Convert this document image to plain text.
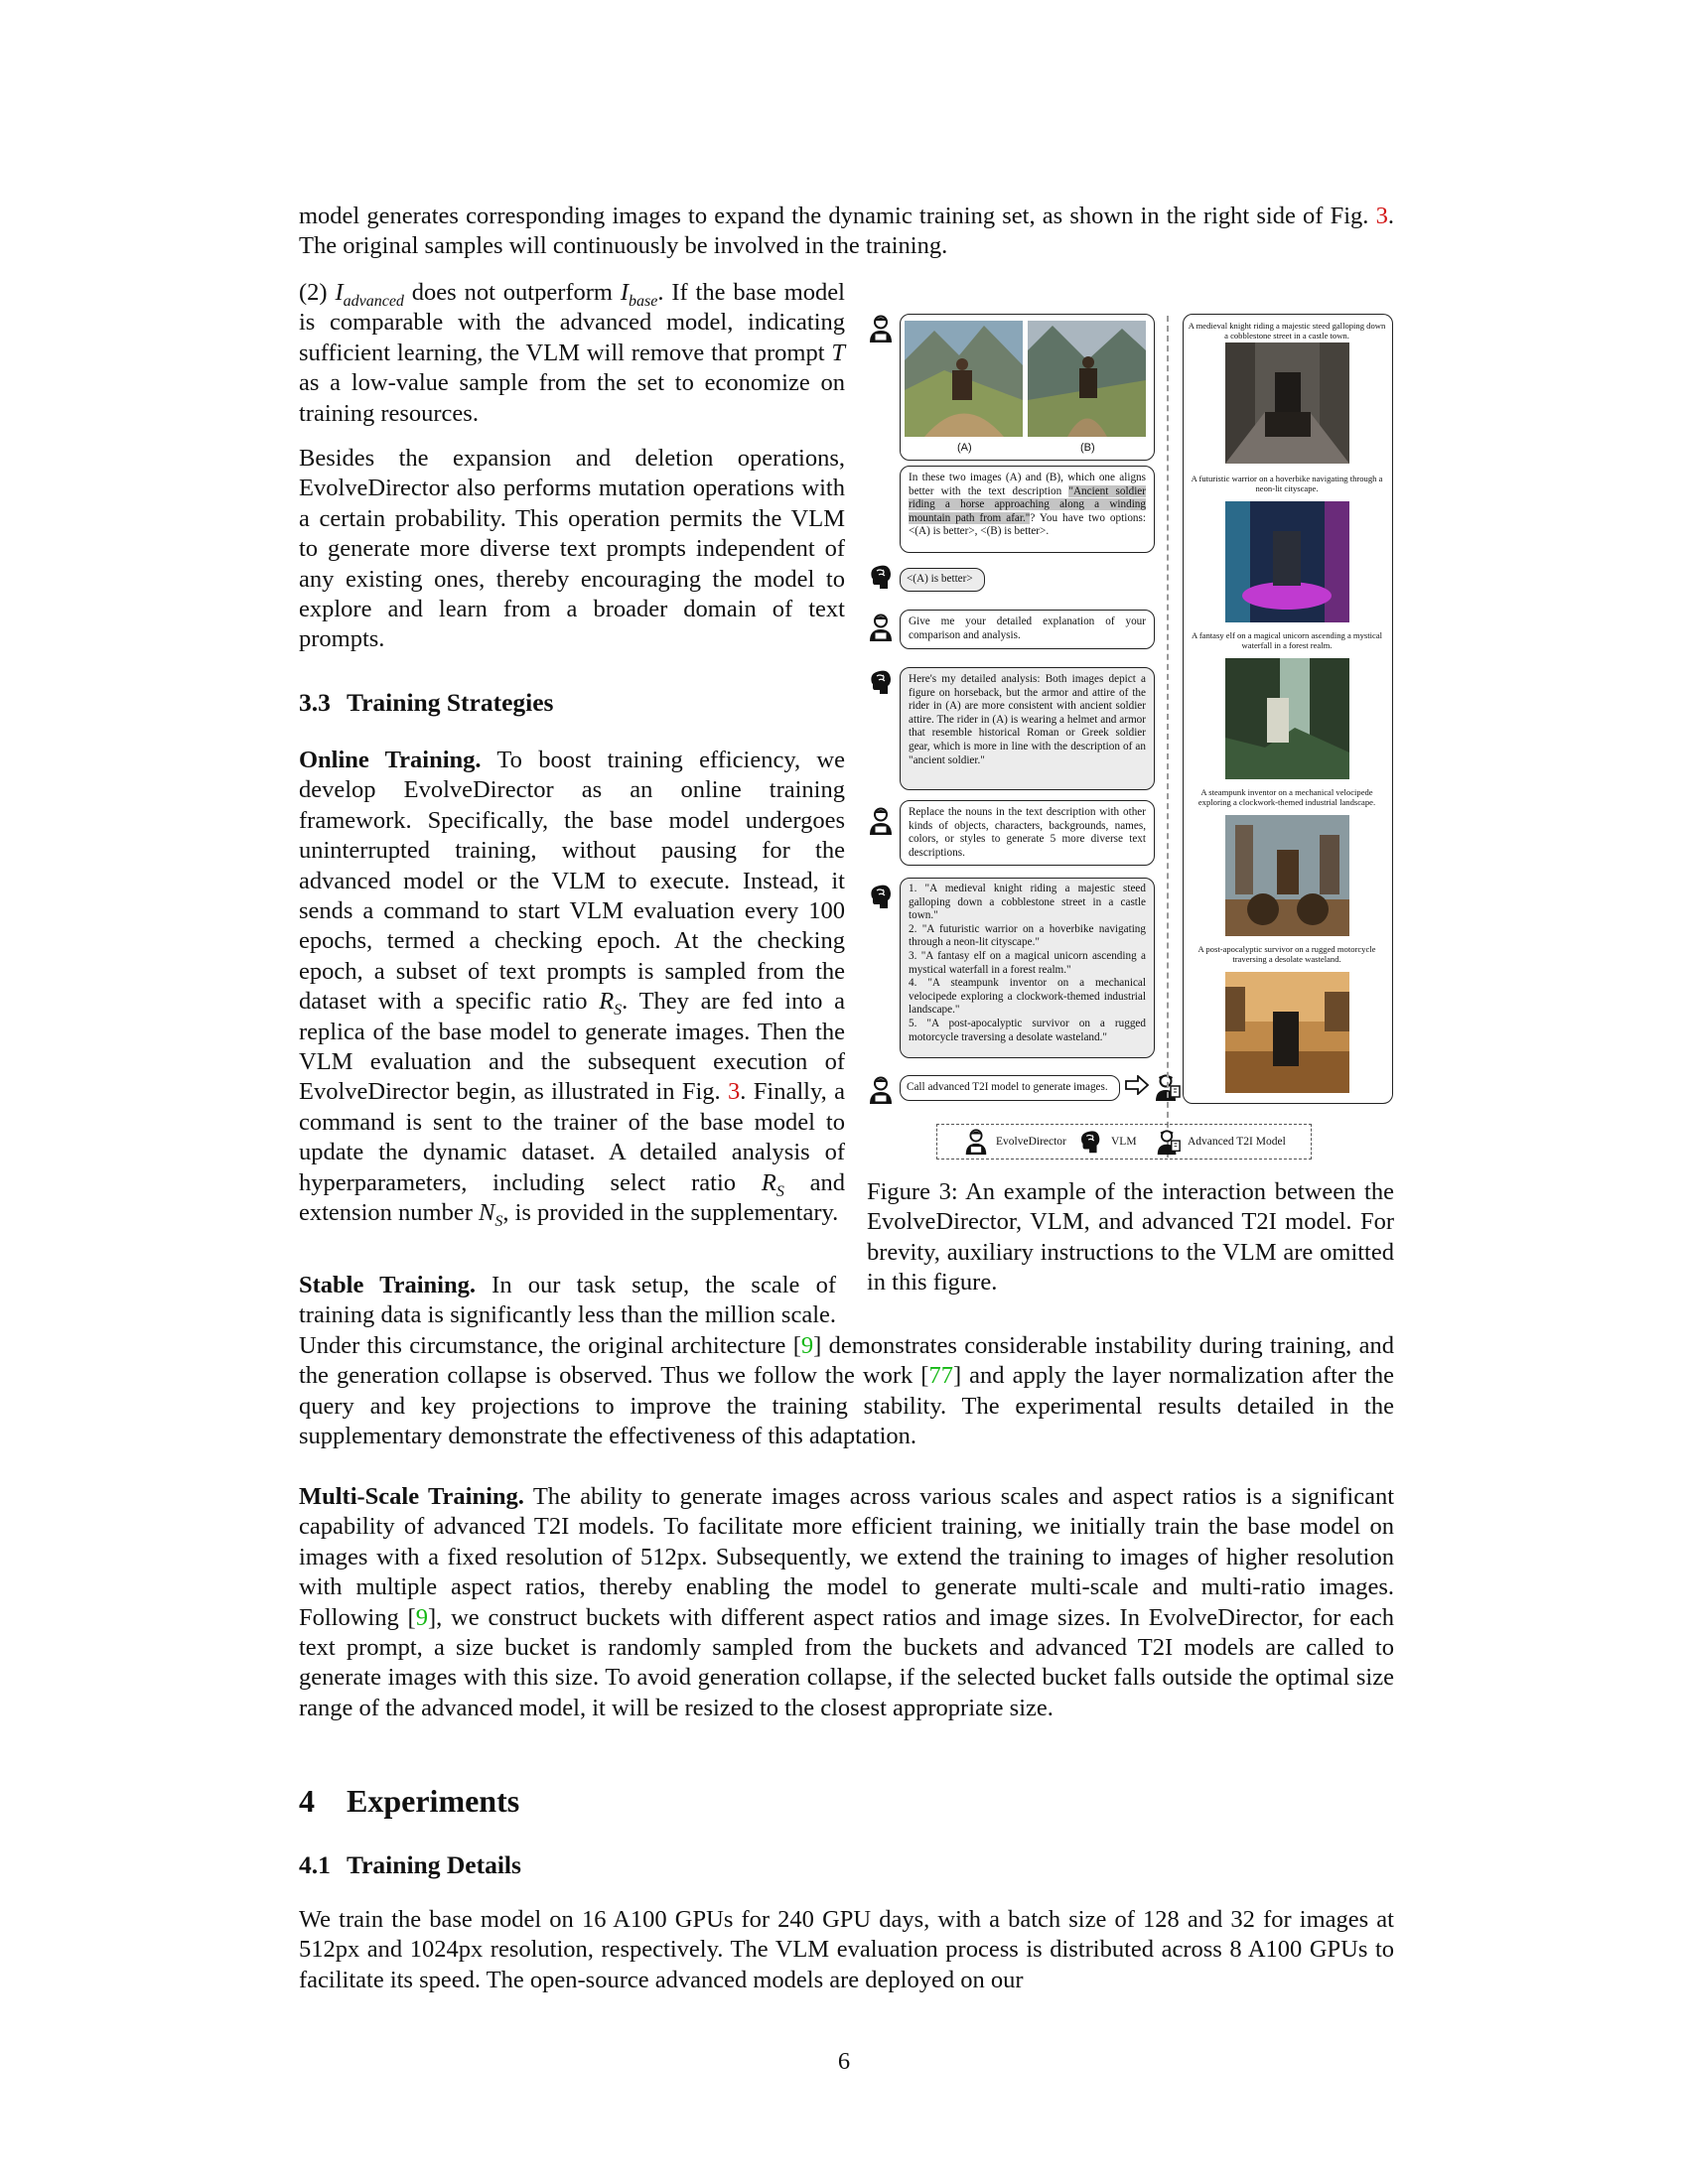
model generates corresponding images to expand the dynamic training set, as shown in the right side of Fig. 3. The original samples will continuously be involved in the training.

(2) $I_{advanced}$ does not outperform $I_{base}$. If the base model is comparable with the advanced model, indicating sufficient learning, the VLM will remove that prompt T as a low-value sample from the set to economize on training resources.

Besides the expansion and deletion operations, EvolveDirector also performs mutation operations with a certain probability. This operation permits the VLM to generate more diverse text prompts independent of any existing ones, thereby encouraging the model to explore and learn from a broader domain of text prompts.

3.3 Training Strategies

Online Training. To boost training efficiency, we develop EvolveDirector as an online training framework. Specifically, the base model undergoes uninterrupted training, without pausing for the advanced model or the VLM to execute. Instead, it sends a command to start VLM evaluation every 100 epochs, termed a checking epoch. At the checking epoch, a subset of text prompts is sampled from the dataset with a specific ratio $R_S$. They are fed into a replica of the base model to generate images. Then the VLM evaluation and the subsequent execution of EvolveDirector begin, as illustrated in Fig. 3. Finally, a command is sent to the trainer of the base model to update the dynamic dataset. A detailed analysis of hyperparameters, including select ratio $R_S$ and extension number $N_S$, is provided in the supplementary.

Stable Training. In our task setup, the scale of training data is significantly less than the million scale. Under this circumstance, the original architecture [9] demonstrates considerable instability during training, and the generation collapse is observed. Thus we follow the work [77] and apply the layer normalization after the query and key projections to improve the training stability. The experimental results detailed in the supplementary demonstrate the effectiveness of this adaptation.

Multi-Scale Training. The ability to generate images across various scales and aspect ratios is a significant capability of advanced T2I models. To facilitate more efficient training, we initially train the base model on images with a fixed resolution of 512px. Subsequently, we extend the training to images of higher resolution with multiple aspect ratios, thereby enabling the model to generate multi-scale and multi-ratio images. Following [9], we construct buckets with different aspect ratios and image sizes. In EvolveDirector, for each text prompt, a size bucket is randomly sampled from the buckets and advanced T2I models are called to generate images with this size. To avoid generation collapse, if the selected bucket falls outside the optimal size range of the advanced model, it will be resized to the closest appropriate size.

4 Experiments
4.1 Training Details

We train the base model on 16 A100 GPUs for 240 GPU days, with a batch size of 128 and 32 for images at 512px and 1024px resolution, respectively. The VLM evaluation process is distributed across 8 A100 GPUs to facilitate its speed. The open-source advanced models are deployed on our

(A)	(B)
In these two images (A) and (B), which one aligns better with the text description "Ancient soldier riding a horse approaching along a winding mountain path from afar."? You have two options: <(A) is better>, <(B) is better>.
<(A) is better>
Give me your detailed explanation of your comparison and analysis.
Here's my detailed analysis: Both images depict a figure on horseback, but the armor and attire of the rider in (A) are more consistent with ancient soldier attire. The rider in (A) is wearing a helmet and armor that resemble historical Roman or Greek soldier gear, which is more in line with the description of an "ancient soldier."
Replace the nouns in the text description with other kinds of objects, characters, backgrounds, names, colors, or styles to generate 5 more diverse text descriptions.
1. "A medieval knight riding a majestic steed galloping down a cobblestone street in a castle town."
2. "A futuristic warrior on a hoverbike navigating through a neon-lit cityscape."
3. "A fantasy elf on a magical unicorn ascending a mystical waterfall in a forest realm."
4. "A steampunk inventor on a mechanical velocipede exploring a clockwork-themed industrial landscape."
5. "A post-apocalyptic survivor on a rugged motorcycle traversing a desolate wasteland."
Call advanced T2I model to generate images.
A medieval knight riding a majestic steed galloping down a cobblestone street in a castle town.
A futuristic warrior on a hoverbike navigating through a neon-lit cityscape.
A fantasy elf on a magical unicorn ascending a mystical waterfall in a forest realm.
A steampunk inventor on a mechanical velocipede exploring a clockwork-themed industrial landscape.
A post-apocalyptic survivor on a rugged motorcycle traversing a desolate wasteland.
EvolveDirector	VLM	Advanced T2I Model

Figure 3: An example of the interaction between the EvolveDirector, VLM, and advanced T2I model. For brevity, auxiliary instructions to the VLM are omitted in this figure.

6
